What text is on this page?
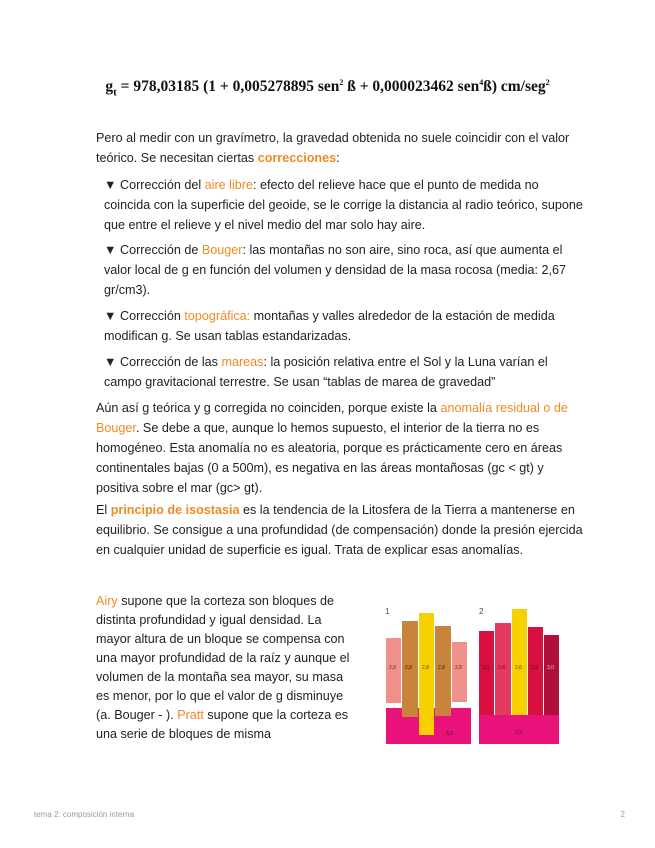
$g_t = 978,03185$ (1 + 0,005278895 sen$^2$ ß + 0,000023462 sen$^4$ß) cm/seg$^2$
Pero al medir con un gravímetro, la gravedad obtenida no suele coincidir con el valor teórico. Se necesitan ciertas correcciones:
▼ Corrección del aire libre: efecto del relieve hace que el punto de medida no coincida con la superficie del geoide, se le corrige la distancia al radio teórico, supone que entre el relieve y el nivel medio del mar solo hay aire.
▼ Corrección de Bouger: las montañas no son aire, sino roca, así que aumenta el valor local de g en función del volumen y densidad de la masa rocosa (media: 2,67 gr/cm3).
▼ Corrección topográfica: montañas y valles alrededor de la estación de medida modifican g. Se usan tablas estandarizadas.
▼ Corrección de las mareas: la posición relativa entre el Sol y la Luna varían el campo gravitacional terrestre. Se usan “tablas de marea de gravedad”
Aún así g teórica y g corregida no coinciden, porque existe la anomalía residual o de Bouger. Se debe a que, aunque lo hemos supuesto, el interior de la tierra no es homogéneo. Esta anomalía no es aleatoria, porque es prácticamente cero en áreas continentales bajas (0 a 500m), es negativa en las áreas montañosas (gc < gt) y positiva sobre el mar (gc> gt).
El principio de isostasia es la tendencia de la Litosfera de la Tierra a mantenerse en equilibrio. Se consigue a una profundidad (de compensación) donde la presión ejercida en cualquier unidad de superficie es igual. Trata de explicar esas anomalías.
Airy supone que la corteza son bloques de distinta profundidad y igual densidad. La mayor altura de un bloque se compensa con una mayor profundidad de la raíz y aunque el volumen de la montaña sea mayor, su masa es menor, por lo que el valor de g disminuye (a. Bouger - ). Pratt supone que la corteza es una serie de bloques de misma
1
3,3
2,8 2,8 2,8 2,8 2,8
2
3,3
3,0 2,8 2,6 2,9 3,0
tema 2: composición interna	2
